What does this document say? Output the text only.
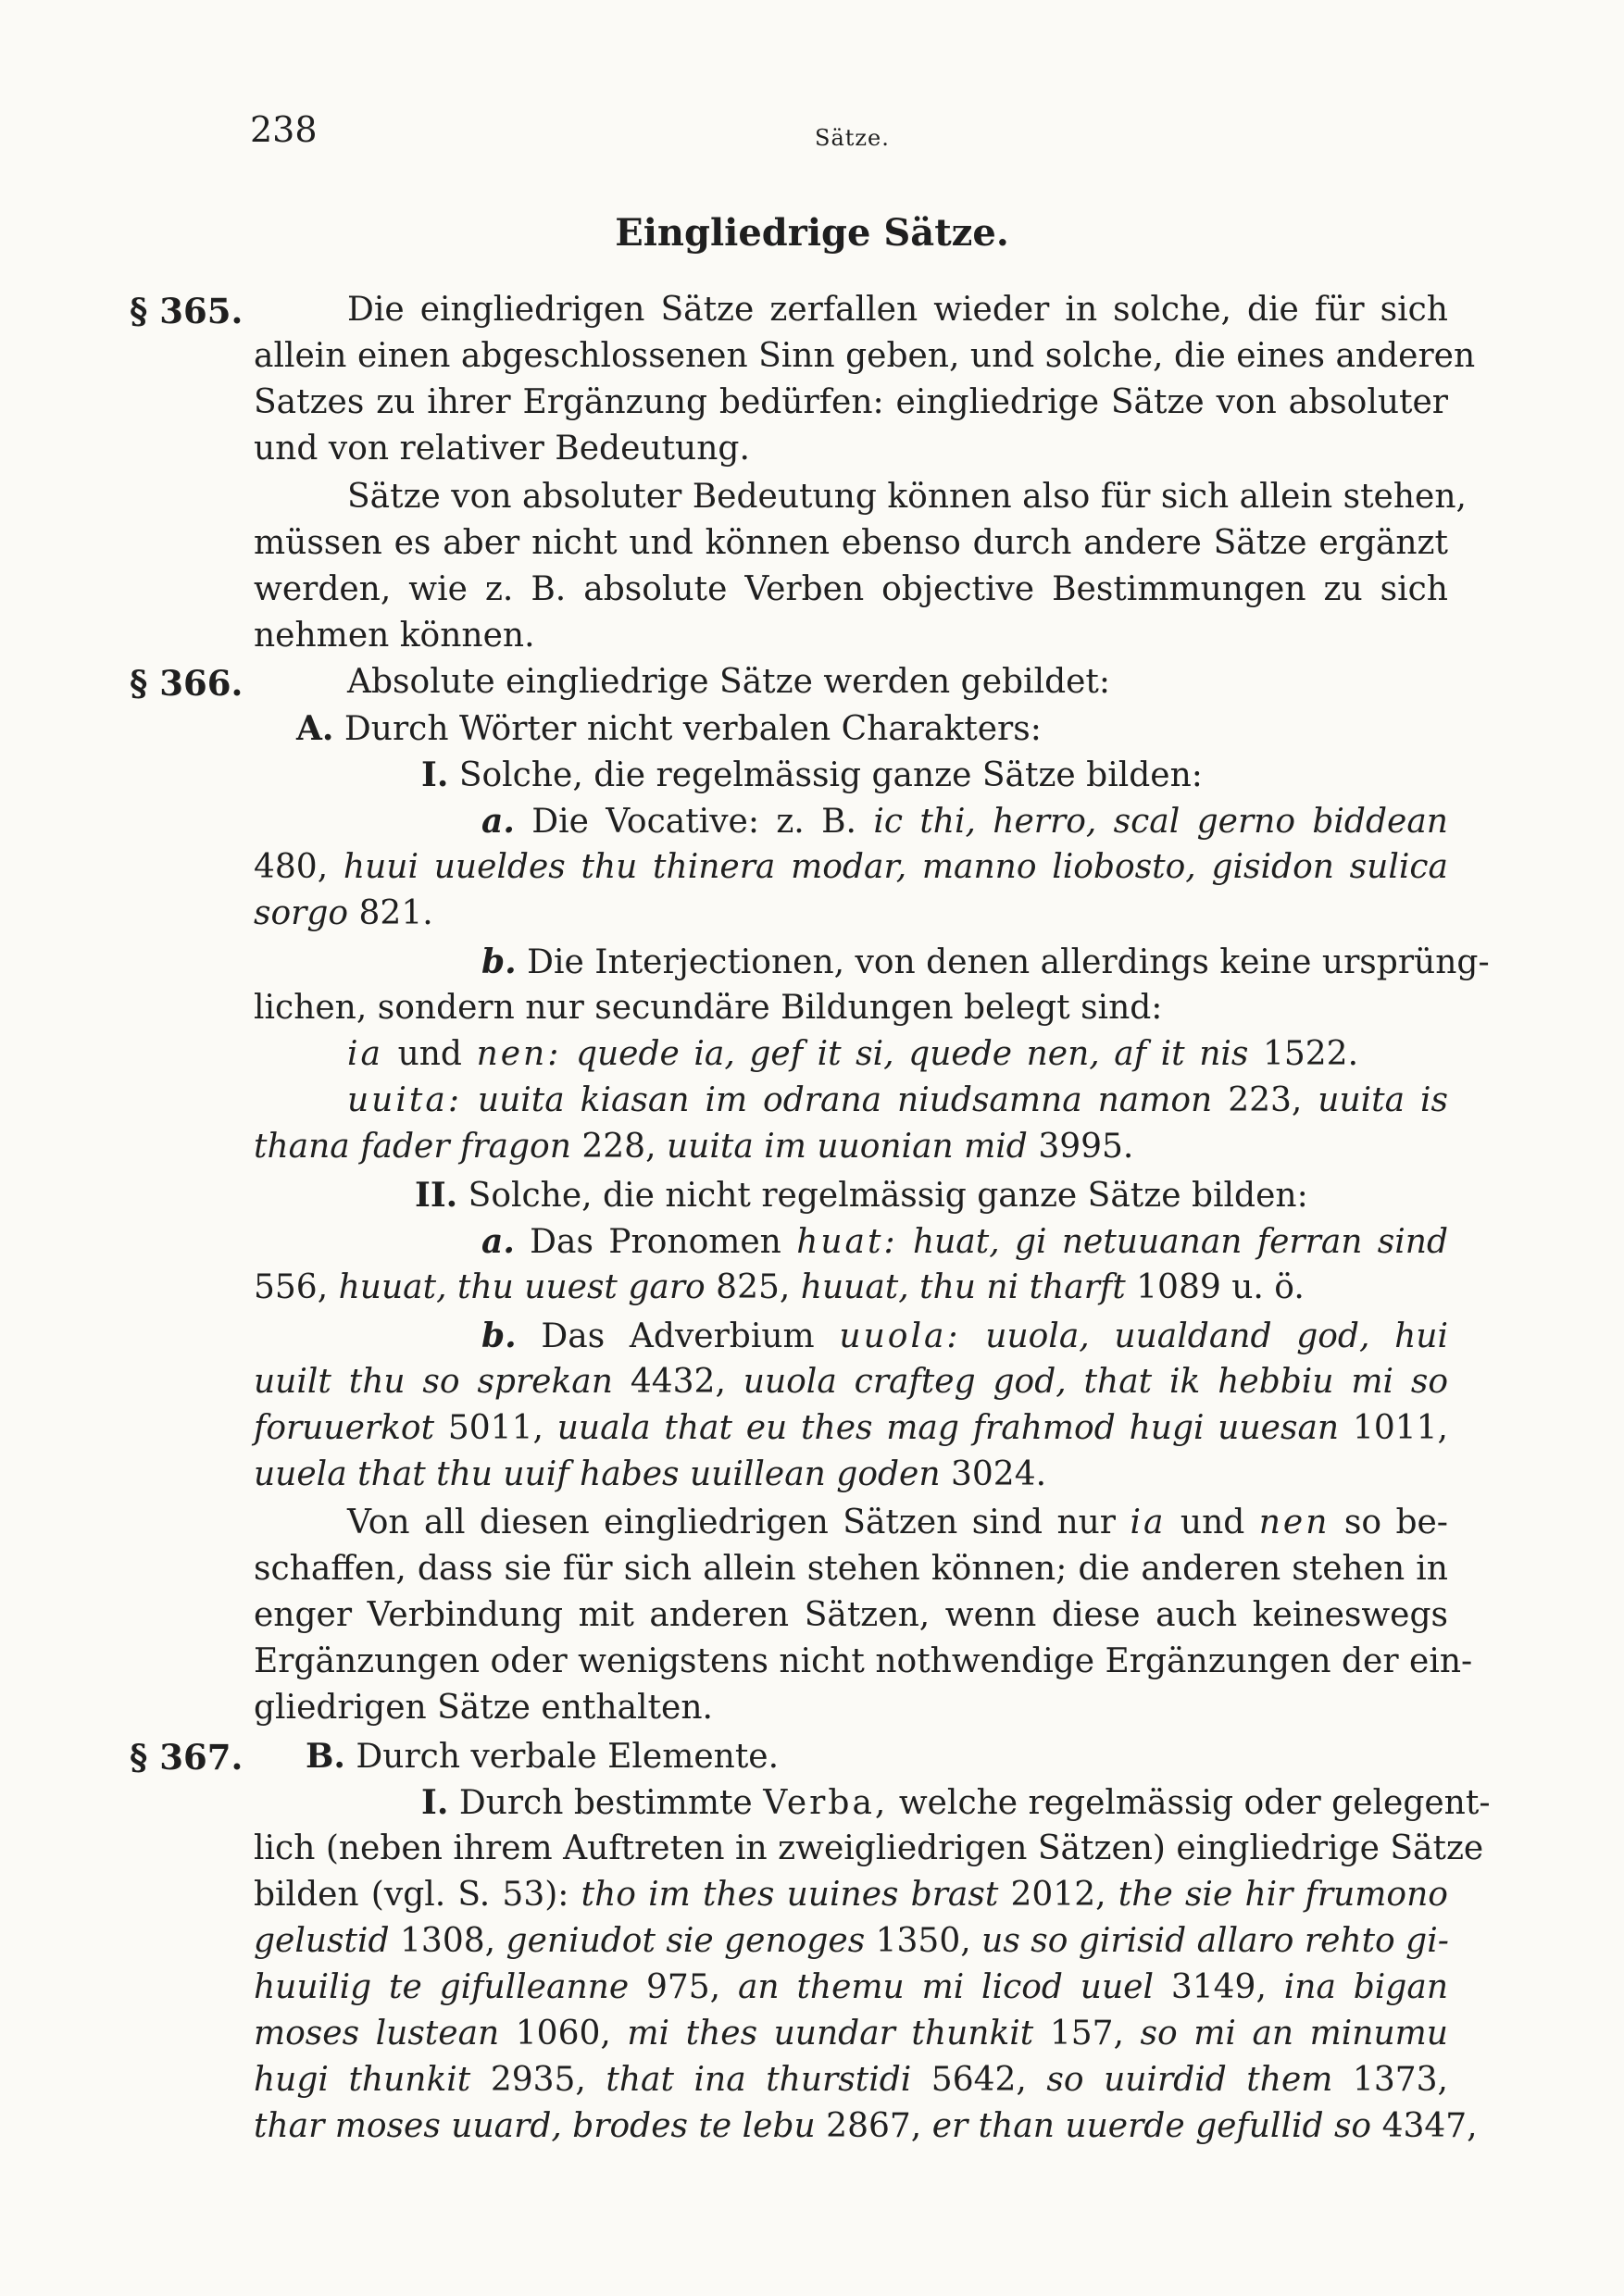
238	Sätze.
Eingliedrige Sätze.
§ 365.	Die eingliedrigen Sätze zerfallen wieder in solche, die für sich
allein einen abgeschlossenen Sinn geben, und solche, die eines anderen
Satzes zu ihrer Ergänzung bedürfen: eingliedrige Sätze von absoluter
und von relativer Bedeutung.
Sätze von absoluter Bedeutung können also für sich allein stehen,
müssen es aber nicht und können ebenso durch andere Sätze ergänzt
werden, wie z. B. absolute Verben objective Bestimmungen zu sich
nehmen können.
§ 366.	Absolute eingliedrige Sätze werden gebildet:
A. Durch Wörter nicht verbalen Charakters:
I. Solche, die regelmässig ganze Sätze bilden:
a. Die Vocative: z. B. ic thi, herro, scal gerno biddean
480, huui uueldes thu thinera modar, manno liobosto, gisidon sulica
sorgo 821.
b. Die Interjectionen, von denen allerdings keine ursprüng-
lichen, sondern nur secundäre Bildungen belegt sind:
ia und nen: quede ia, gef it si, quede nen, af it nis 1522.
uuita: uuita kiasan im odrana niudsamna namon 223, uuita is
thana fader fragon 228, uuita im uuonian mid 3995.
II. Solche, die nicht regelmässig ganze Sätze bilden:
a. Das Pronomen huat: huat, gi netuuanan ferran sind
556, huuat, thu uuest garo 825, huuat, thu ni tharft 1089 u. ö.
b. Das Adverbium uuola: uuola, uualdand god, hui
uuilt thu so sprekan 4432, uuola crafteg god, that ik hebbiu mi so
foruuerkot 5011, uuala that eu thes mag frahmod hugi uuesan 1011,
uuela that thu uuif habes uuillean goden 3024.
Von all diesen eingliedrigen Sätzen sind nur ia und nen so be-
schaffen, dass sie für sich allein stehen können; die anderen stehen in
enger Verbindung mit anderen Sätzen, wenn diese auch keineswegs
Ergänzungen oder wenigstens nicht nothwendige Ergänzungen der ein-
gliedrigen Sätze enthalten.
§ 367. B. Durch verbale Elemente.
I. Durch bestimmte Verba, welche regelmässig oder gelegent-
lich (neben ihrem Auftreten in zweigliedrigen Sätzen) eingliedrige Sätze
bilden (vgl. S. 53): tho im thes uuines brast 2012, the sie hir frumono
gelustid 1308, geniudot sie genoges 1350, us so girisid allaro rehto gi-
huuilig te gifulleanne 975, an themu mi licod uuel 3149, ina bigan
moses lustean 1060, mi thes uundar thunkit 157, so mi an minumu
hugi thunkit 2935, that ina thurstidi 5642, so uuirdid them 1373,
thar moses uuard, brodes te lebu 2867, er than uuerde gefullid so 4347,
